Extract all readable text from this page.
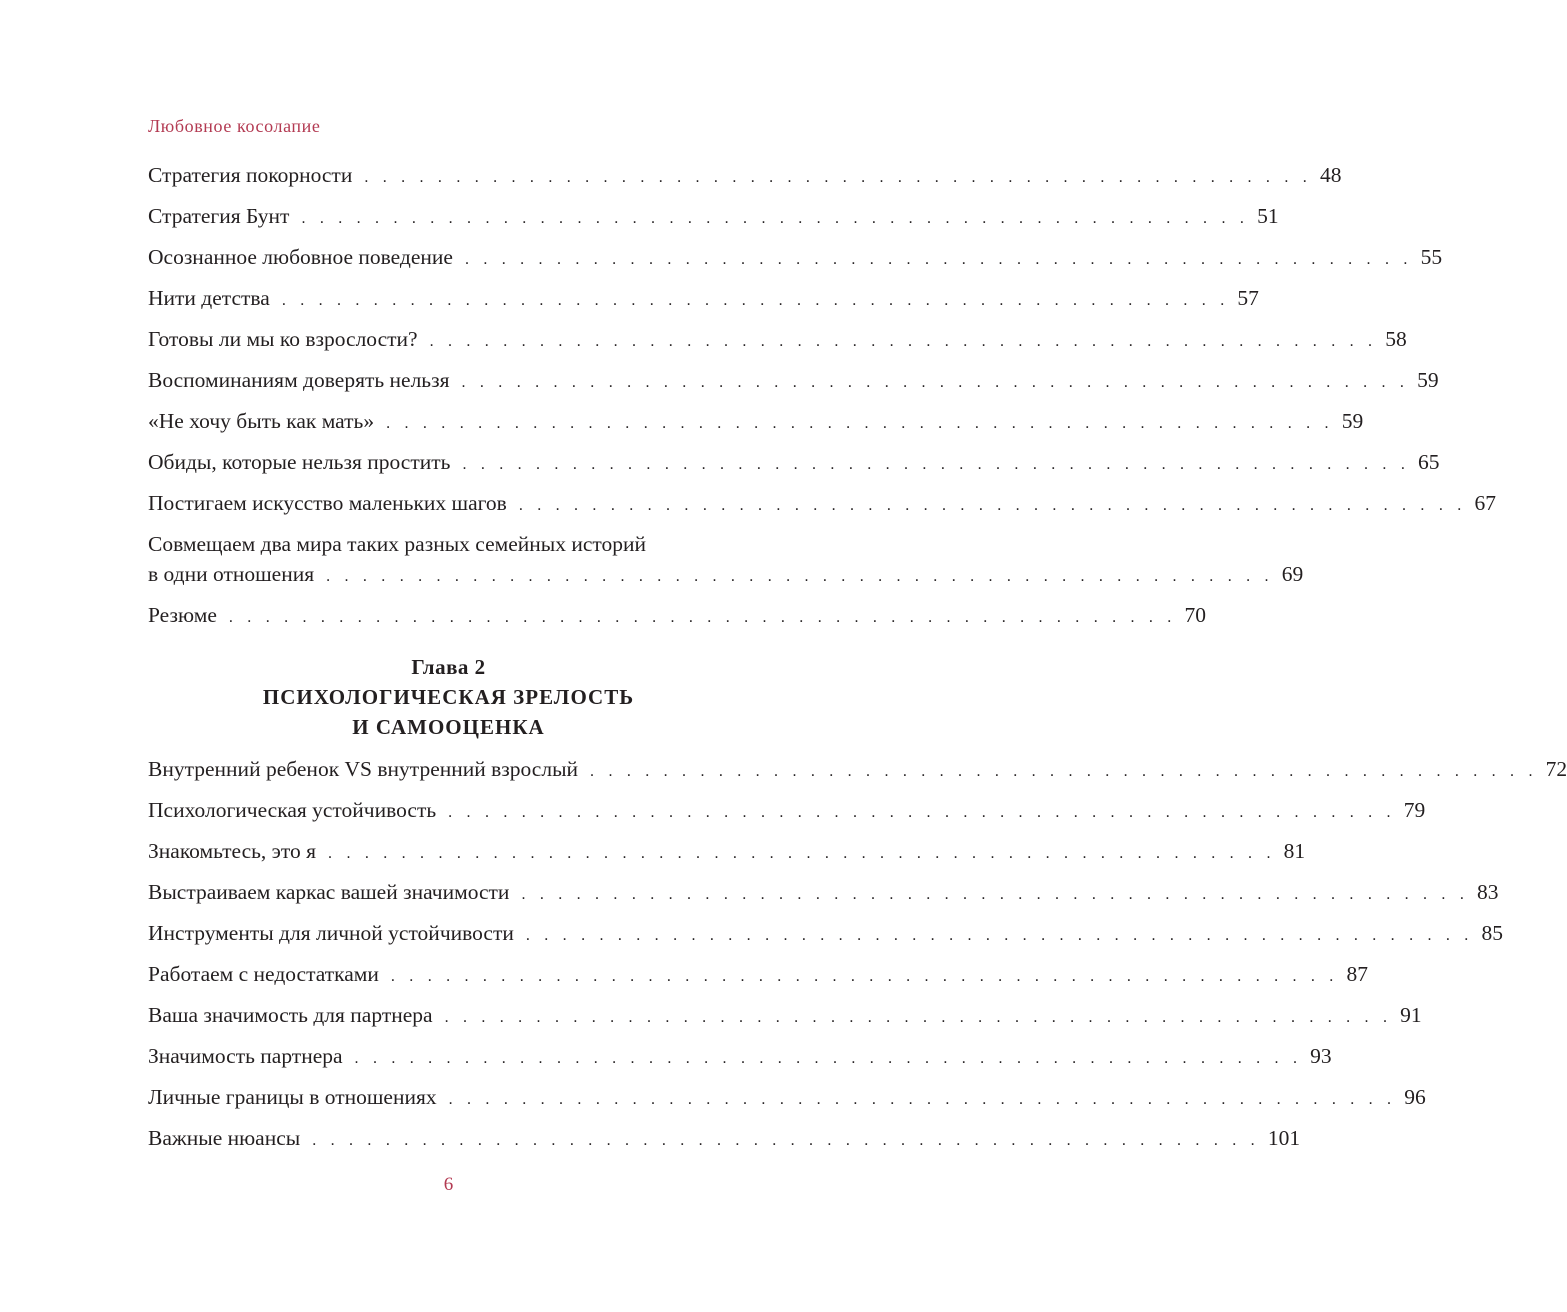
Любовное косолапие
Стратегия покорности . . . . . . . . . . . . . . . . . . . . . . . . . . . . . . . . . . . . . . . . . . . . . . . . . . . . 48
Стратегия Бунт . . . . . . . . . . . . . . . . . . . . . . . . . . . . . . . . . . . . . . . . . . . . . . . . . . . . 51
Осознанное любовное поведение . . . . . . . . . . . . . . . . . . . . . . . . . . . . . . . . . . . . . . . . . . . . . . . . . . . . 55
Нити детства . . . . . . . . . . . . . . . . . . . . . . . . . . . . . . . . . . . . . . . . . . . . . . . . . . . . 57
Готовы ли мы ко взрослости? . . . . . . . . . . . . . . . . . . . . . . . . . . . . . . . . . . . . . . . . . . . . . . . . . . . . 58
Воспоминаниям доверять нельзя . . . . . . . . . . . . . . . . . . . . . . . . . . . . . . . . . . . . . . . . . . . . . . . . . . . . 59
«Не хочу быть как мать» . . . . . . . . . . . . . . . . . . . . . . . . . . . . . . . . . . . . . . . . . . . . . . . . . . . . 59
Обиды, которые нельзя простить . . . . . . . . . . . . . . . . . . . . . . . . . . . . . . . . . . . . . . . . . . . . . . . . . . . . 65
Постигаем искусство маленьких шагов . . . . . . . . . . . . . . . . . . . . . . . . . . . . . . . . . . . . . . . . . . . . . . . . . . . . 67
Совмещаем два мира таких разных семейных историй
в одни отношения . . . . . . . . . . . . . . . . . . . . . . . . . . . . . . . . . . . . . . . . . . . . . . . . . . . . 69
Резюме . . . . . . . . . . . . . . . . . . . . . . . . . . . . . . . . . . . . . . . . . . . . . . . . . . . . 70
Глава 2
ПСИХОЛОГИЧЕСКАЯ ЗРЕЛОСТЬ
И САМООЦЕНКА
Внутренний ребенок VS внутренний взрослый . . . . . . . . . . . . . . . . . . . . . . . . . . . . . . . . . . . . . . . . . . . . . . . . . . . . 72
Психологическая устойчивость . . . . . . . . . . . . . . . . . . . . . . . . . . . . . . . . . . . . . . . . . . . . . . . . . . . . 79
Знакомьтесь, это я . . . . . . . . . . . . . . . . . . . . . . . . . . . . . . . . . . . . . . . . . . . . . . . . . . . . 81
Выстраиваем каркас вашей значимости . . . . . . . . . . . . . . . . . . . . . . . . . . . . . . . . . . . . . . . . . . . . . . . . . . . . 83
Инструменты для личной устойчивости . . . . . . . . . . . . . . . . . . . . . . . . . . . . . . . . . . . . . . . . . . . . . . . . . . . . 85
Работаем с недостатками . . . . . . . . . . . . . . . . . . . . . . . . . . . . . . . . . . . . . . . . . . . . . . . . . . . . 87
Ваша значимость для партнера . . . . . . . . . . . . . . . . . . . . . . . . . . . . . . . . . . . . . . . . . . . . . . . . . . . . 91
Значимость партнера . . . . . . . . . . . . . . . . . . . . . . . . . . . . . . . . . . . . . . . . . . . . . . . . . . . . 93
Личные границы в отношениях . . . . . . . . . . . . . . . . . . . . . . . . . . . . . . . . . . . . . . . . . . . . . . . . . . . . 96
Важные нюансы . . . . . . . . . . . . . . . . . . . . . . . . . . . . . . . . . . . . . . . . . . . . . . . . . . . . 101
6
